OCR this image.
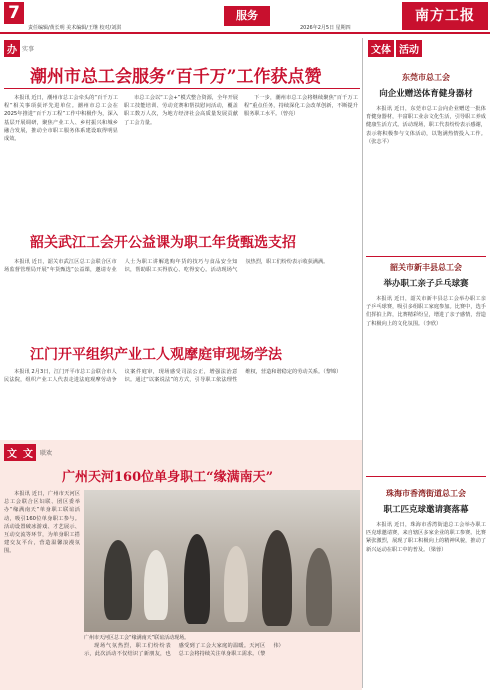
7
责任编辑/黄长明 美术编辑/王继 校对/刘淇
服务
2026年2月5日 星期四
南方工报
办 实事
潮州市总工会服务“百千万”工作获点赞

本报讯 近日，潮州市总工会牵头的“百千万工程”相关事项获评先进单位。潮州市总工会在2025年推进“百千万工程”工作中积极作为，深入基层开展调研，聚焦产业工人、乡村振兴和城乡融合发展，推动全市职工服务体系建设取得明显成效。

市总工会以“工会+”模式整合资源，全年开展职工技能培训、劳动竞赛和帮扶慰问活动，覆盖职工数万人次，为地方经济社会高质量发展贡献了工会力量。

下一步，潮州市总工会将继续聚焦“百千万工程”重点任务，持续深化工会改革创新，不断提升服务职工水平。（曾亮）

韶关武江工会开公益课为职工年货甄选支招

本报讯 近日，韶关市武江区总工会联合区市场监督管理局开展“年货甄选”公益课，邀请专业人士为职工讲解选购年货的技巧与食品安全知识，帮助职工买得放心、吃得安心。活动现场气氛热烈，职工们纷纷表示收获满满。

江门开平组织产业工人观摩庭审现场学法

本报讯 2月3日，江门开平市总工会联合市人民法院，组织产业工人代表走进法庭观摩劳动争议案件庭审，现场感受司法公正，增强法治意识。通过“以案说法”的方式，引导职工依法理性维权，营造和谐稳定的劳动关系。（黎锦）

文 文	联欢
广州天河160位单身职工“缘满南天”

本报讯 近日，广州市天河区总工会联合区妇联、团区委举办“缘满南天”单身职工联谊活动，吸引160位单身职工参与。活动设置破冰游戏、才艺展示、互动交流等环节，为单身职工搭建交友平台，营造温馨浪漫氛围。

广州市天河区总工会“缘满南天”联谊活动现场。

现场气氛热烈，职工们纷纷表示，此次活动不仅结识了新朋友，也感受到了工会大家庭的温暖。天河区总工会将持续关注单身职工需求。（黎伟）

文体 活动
东莞市总工会
向企业赠送体育健身器材

本报讯 近日，东莞市总工会向企业赠送一批体育健身器材，丰富职工业余文化生活，引导职工养成健康生活方式。活动现场，职工代表纷纷表示感谢，表示将积极参与文体活动，以饱满热情投入工作。（张志平）

韶关市新丰县总工会
举办职工亲子乒乓球赛

本报讯 近日，韶关市新丰县总工会举办职工亲子乒乓球赛，吸引多组职工家庭参加。比赛中，选手们挥拍上阵，比赛精彩纷呈，增进了亲子感情，营造了积极向上的文化氛围。（李欣）

珠海市香湾街道总工会
职工匹克球邀请赛落幕

本报讯 近日，珠海市香湾街道总工会举办职工匹克球邀请赛，来自辖区多家企业的职工参赛。比赛紧张激烈，展现了职工积极向上的精神风貌，推动了新兴运动在职工中的普及。（梁蓉）
